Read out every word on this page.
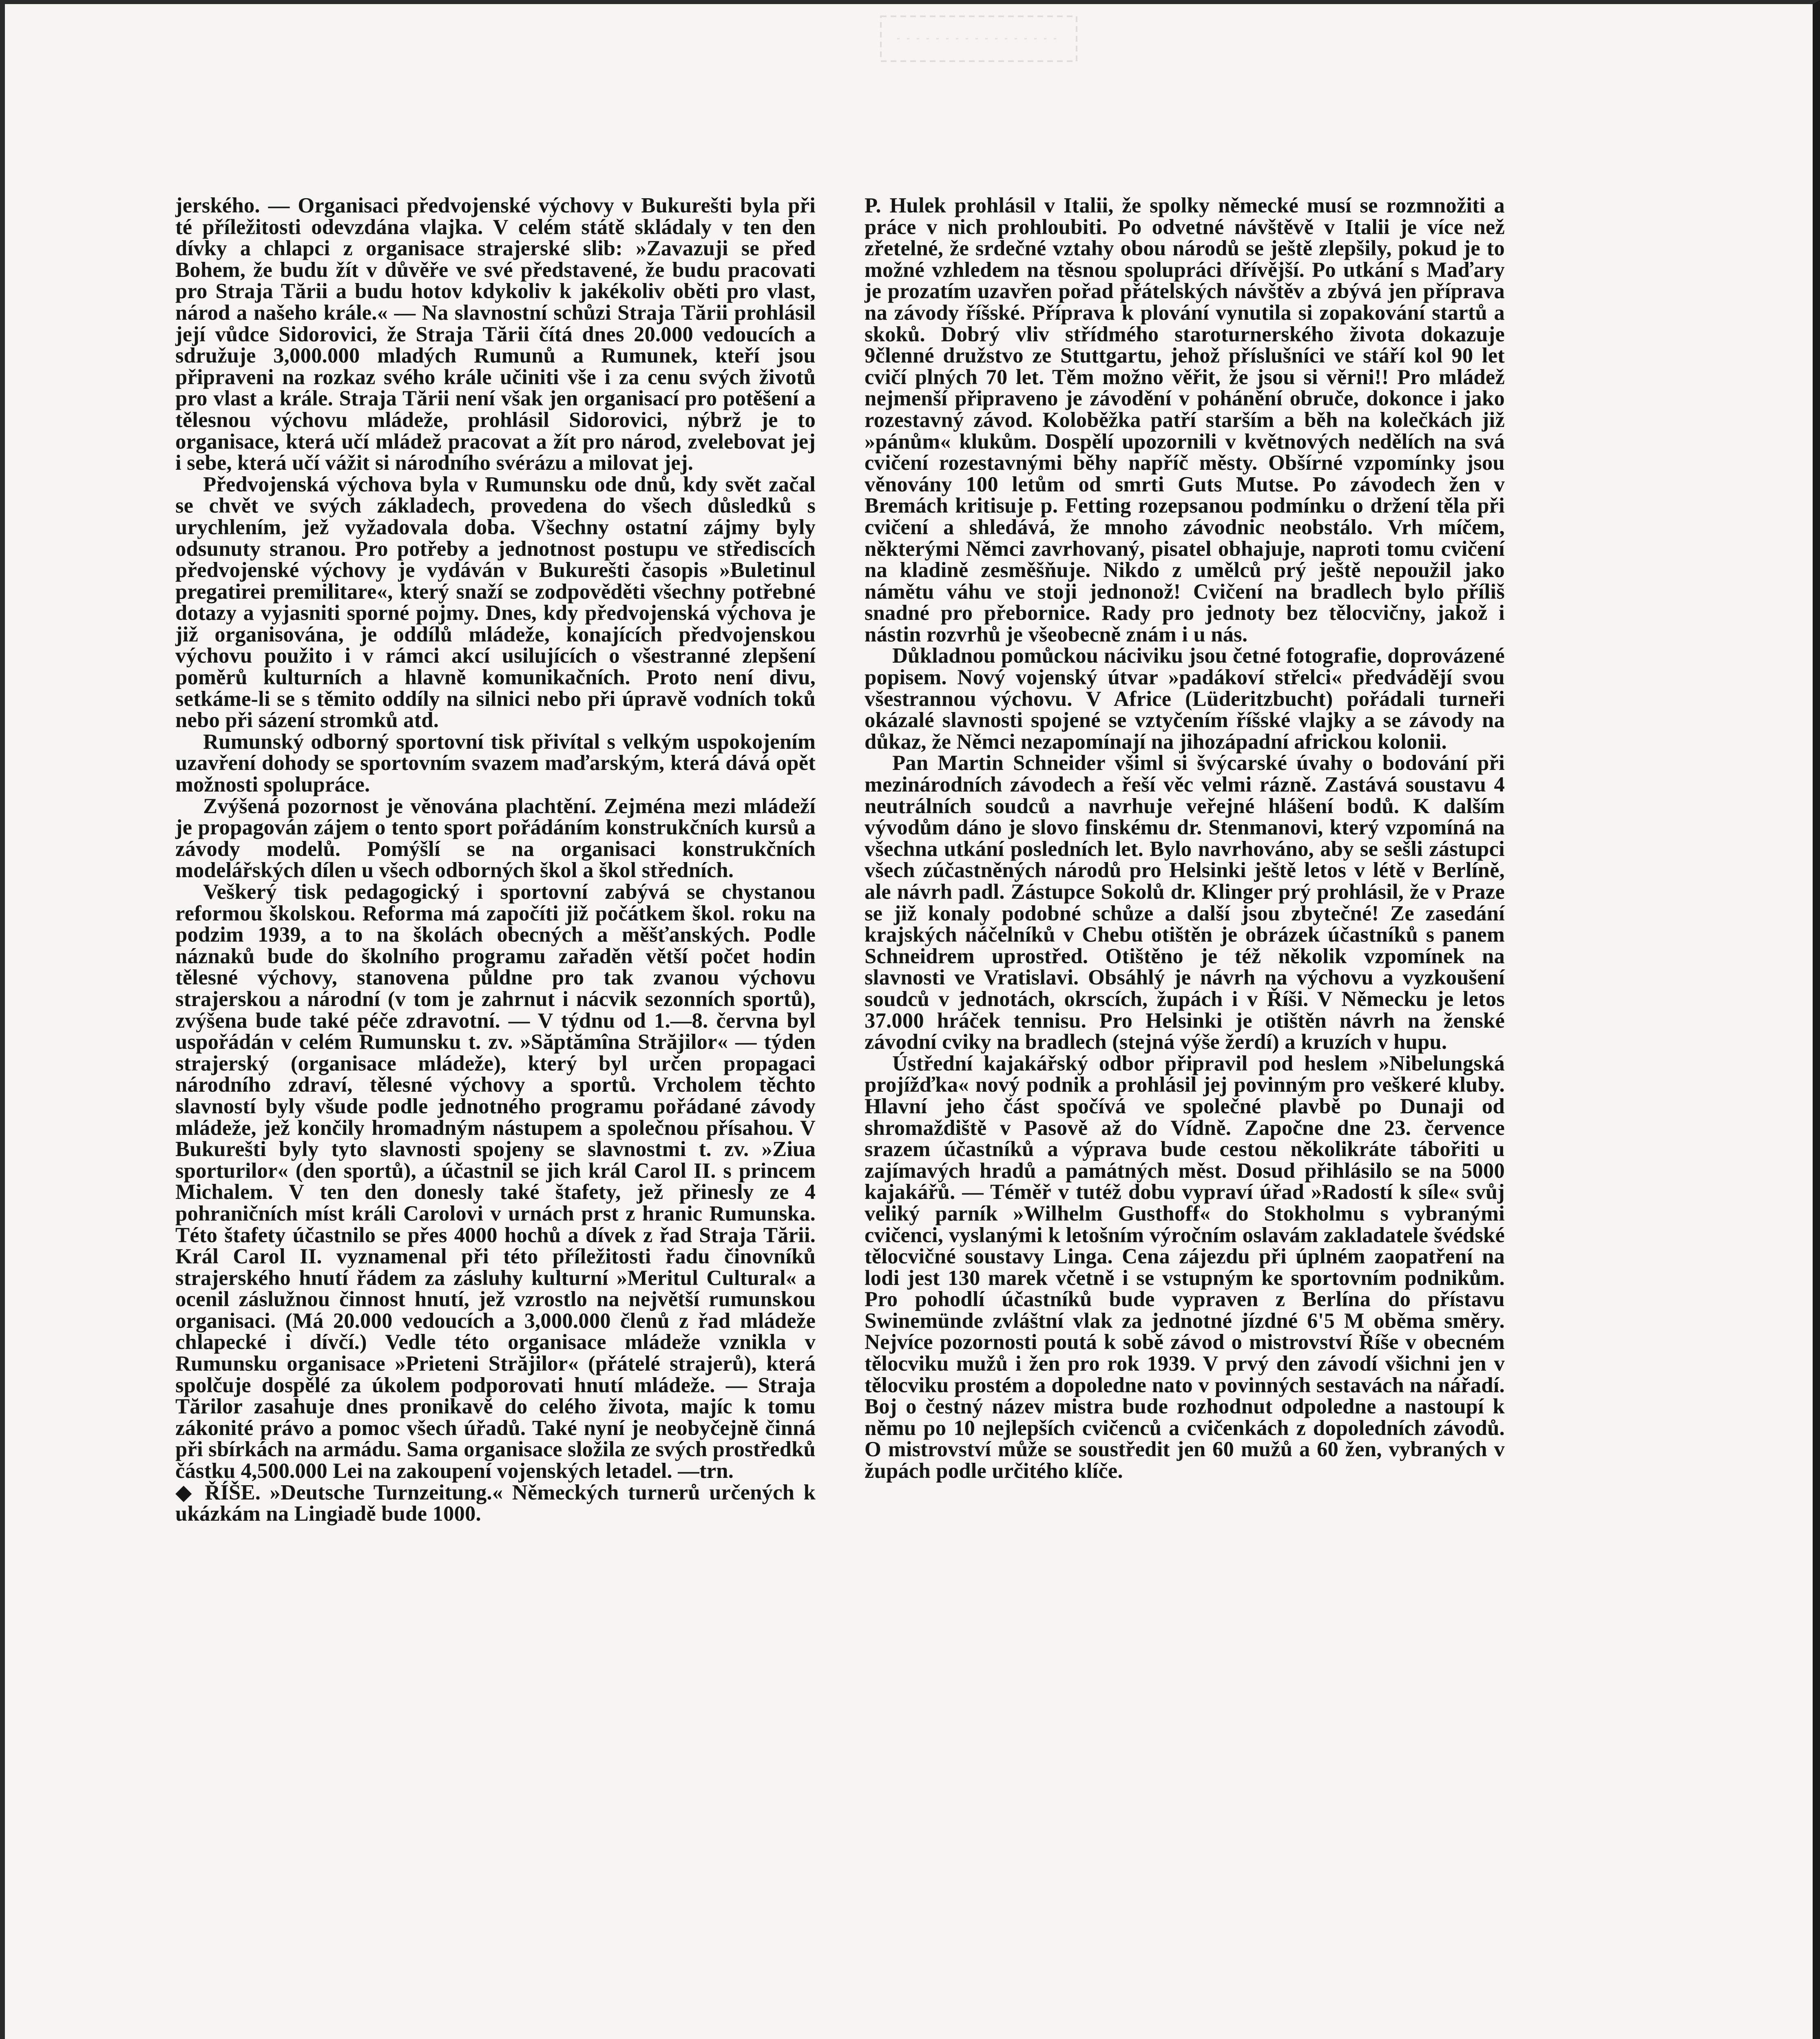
jerského. — Organisaci předvojenské výchovy v Bukurešti byla při té příležitosti odevzdána vlajka. V celém státě skládaly v ten den dívky a chlapci z organisace strajerské slib: »Zavazuji se před Bohem, že budu žít v důvěře ve své představené, že budu pracovati pro Straja Tării a budu hotov kdykoliv k jakékoliv oběti pro vlast, národ a našeho krále.« — Na slavnostní schůzi Straja Tării prohlásil její vůdce Sidorovici, že Straja Tării čítá dnes 20.000 vedoucích a sdružuje 3,000.000 mladých Rumunů a Rumunek, kteří jsou připraveni na rozkaz svého krále učiniti vše i za cenu svých životů pro vlast a krále. Straja Tării není však jen organisací pro potěšení a tělesnou výchovu mládeže, prohlásil Sidorovici, nýbrž je to organisace, která učí mládež pracovat a žít pro národ, zvelebovat jej i sebe, která učí vážit si národního svérázu a milovat jej.

Předvojenská výchova byla v Rumunsku ode dnů, kdy svět začal se chvět ve svých základech, provedena do všech důsledků s urychlením, jež vyžadovala doba. Všechny ostatní zájmy byly odsunuty stranou. Pro potřeby a jednotnost postupu ve střediscích předvojenské výchovy je vydáván v Bukurešti časopis »Buletinul pregatirei premilitare«, který snaží se zodpověděti všechny potřebné dotazy a vyjasniti sporné pojmy. Dnes, kdy předvojenská výchova je již organisována, je oddílů mládeže, konajících předvojenskou výchovu použito i v rámci akcí usilujících o všestranné zlepšení poměrů kulturních a hlavně komunikačních. Proto není divu, setkáme-li se s těmito oddíly na silnici nebo při úpravě vodních toků nebo při sázení stromků atd.

Rumunský odborný sportovní tisk přivítal s velkým uspokojením uzavření dohody se sportovním svazem maďarským, která dává opět možnosti spolupráce.

Zvýšená pozornost je věnována plachtění. Zejména mezi mládeží je propagován zájem o tento sport pořádáním konstrukčních kursů a závody modelů. Pomýšlí se na organisaci konstrukčních modelářských dílen u všech odborných škol a škol středních.

Veškerý tisk pedagogický i sportovní zabývá se chystanou reformou školskou. Reforma má započíti již počátkem škol. roku na podzim 1939, a to na školách obecných a měšťanských. Podle náznaků bude do školního programu zařaděn větší počet hodin tělesné výchovy, stanovena půldne pro tak zvanou výchovu strajerskou a národní (v tom je zahrnut i nácvik sezonních sportů), zvýšena bude také péče zdravotní. — V týdnu od 1.—8. června byl uspořádán v celém Rumunsku t. zv. »Săptămîna Străjilor« — týden strajerský (organisace mládeže), který byl určen propagaci národního zdraví, tělesné výchovy a sportů. Vrcholem těchto slavností byly všude podle jednotného programu pořádané závody mládeže, jež končily hromadným nástupem a společnou přísahou. V Bukurešti byly tyto slavnosti spojeny se slavnostmi t. zv. »Ziua sporturilor« (den sportů), a účastnil se jich král Carol II. s princem Michalem. V ten den donesly také štafety, jež přinesly ze 4 pohraničních míst králi Carolovi v urnách prst z hranic Rumunska. Této štafety účastnilo se přes 4000 hochů a dívek z řad Straja Tării. Král Carol II. vyznamenal při této příležitosti řadu činovníků strajerského hnutí řádem za zásluhy kulturní »Meritul Cultural« a ocenil záslužnou činnost hnutí, jež vzrostlo na největší rumunskou organisaci. (Má 20.000 vedoucích a 3,000.000 členů z řad mládeže chlapecké i dívčí.) Vedle této organisace mládeže vznikla v Rumunsku organisace »Prieteni Străjilor« (přátelé strajerů), která spolčuje dospělé za úkolem podporovati hnutí mládeže. — Straja Tărilor zasahuje dnes pronikavě do celého života, majíc k tomu zákonité právo a pomoc všech úřadů. Také nyní je neobyčejně činná při sbírkách na armádu. Sama organisace složila ze svých prostředků částku 4,500.000 Lei na zakoupení vojenských letadel. —trn.

◆ ŘÍŠE. »Deutsche Turnzeitung.« Německých turnerů určených k ukázkám na Lingiadě bude 1000.

P. Hulek prohlásil v Italii, že spolky německé musí se rozmnožiti a práce v nich prohloubiti. Po odvetné návštěvě v Italii je více než zřetelné, že srdečné vztahy obou národů se ještě zlepšily, pokud je to možné vzhledem na těsnou spolupráci dřívější. Po utkání s Maďary je prozatím uzavřen pořad přátelských návštěv a zbývá jen příprava na závody říšské. Příprava k plování vynutila si zopakování startů a skoků. Dobrý vliv střídmého staroturnerského života dokazuje 9členné družstvo ze Stuttgartu, jehož příslušníci ve stáří kol 90 let cvičí plných 70 let. Těm možno věřit, že jsou si věrni!! Pro mládež nejmenší připraveno je závodění v pohánění obruče, dokonce i jako rozestavný závod. Koloběžka patří starším a běh na kolečkách již »pánům« klukům. Dospělí upozornili v květnových nedělích na svá cvičení rozestavnými běhy napříč městy. Obšírné vzpomínky jsou věnovány 100 letům od smrti Guts Mutse. Po závodech žen v Bremách kritisuje p. Fetting rozepsanou podmínku o držení těla při cvičení a shledává, že mnoho závodnic neobstálo. Vrh míčem, některými Němci zavrhovaný, pisatel obhajuje, naproti tomu cvičení na kladině zesměšňuje. Nikdo z umělců prý ještě nepoužil jako námětu váhu ve stoji jednonož! Cvičení na bradlech bylo příliš snadné pro přebornice. Rady pro jednoty bez tělocvičny, jakož i nástin rozvrhů je všeobecně znám i u nás.

Důkladnou pomůckou náciviku jsou četné fotografie, doprovázené popisem. Nový vojenský útvar »padákoví střelci« předvádějí svou všestrannou výchovu. V Africe (Lüderitzbucht) pořádali turneři okázalé slavnosti spojené se vztyčením říšské vlajky a se závody na důkaz, že Němci nezapomínají na jihozápadní africkou kolonii.

Pan Martin Schneider všiml si švýcarské úvahy o bodování při mezinárodních závodech a řeší věc velmi rázně. Zastává soustavu 4 neutrálních soudců a navrhuje veřejné hlášení bodů. K dalším vývodům dáno je slovo finskému dr. Stenmanovi, který vzpomíná na všechna utkání posledních let. Bylo navrhováno, aby se sešli zástupci všech zúčastněných národů pro Helsinki ještě letos v létě v Berlíně, ale návrh padl. Zástupce Sokolů dr. Klinger prý prohlásil, že v Praze se již konaly podobné schůze a další jsou zbytečné! Ze zasedání krajských náčelníků v Chebu otištěn je obrázek účastníků s panem Schneidrem uprostřed. Otištěno je též několik vzpomínek na slavnosti ve Vratislavi. Obsáhlý je návrh na výchovu a vyzkoušení soudců v jednotách, okrscích, župách i v Říši. V Německu je letos 37.000 hráček tennisu. Pro Helsinki je otištěn návrh na ženské závodní cviky na bradlech (stejná výše žerdí) a kruzích v hupu.

Ústřední kajakářský odbor připravil pod heslem »Nibelungská projížďka« nový podnik a prohlásil jej povinným pro veškeré kluby. Hlavní jeho část spočívá ve společné plavbě po Dunaji od shromaždiště v Pasově až do Vídně. Započne dne 23. července srazem účastníků a výprava bude cestou několikráte tábořiti u zajímavých hradů a památných měst. Dosud přihlásilo se na 5000 kajakářů. — Téměř v tutéž dobu vypraví úřad »Radostí k síle« svůj veliký parník »Wilhelm Gusthoff« do Stokholmu s vybranými cvičenci, vyslanými k letošním výročním oslavám zakladatele švédské tělocvičné soustavy Linga. Cena zájezdu při úplném zaopatření na lodi jest 130 marek včetně i se vstupným ke sportovním podnikům. Pro pohodlí účastníků bude vypraven z Berlína do přístavu Swinemünde zvláštní vlak za jednotné jízdné 6'5 M oběma směry. Nejvíce pozornosti poutá k sobě závod o mistrovství Říše v obecném tělocviku mužů i žen pro rok 1939. V prvý den závodí všichni jen v tělocviku prostém a dopoledne nato v povinných sestavách na nářadí. Boj o čestný název mistra bude rozhodnut odpoledne a nastoupí k němu po 10 nejlepších cvičenců a cvičenkách z dopoledních závodů. O mistrovství může se soustředit jen 60 mužů a 60 žen, vybraných v župách podle určitého klíče.
